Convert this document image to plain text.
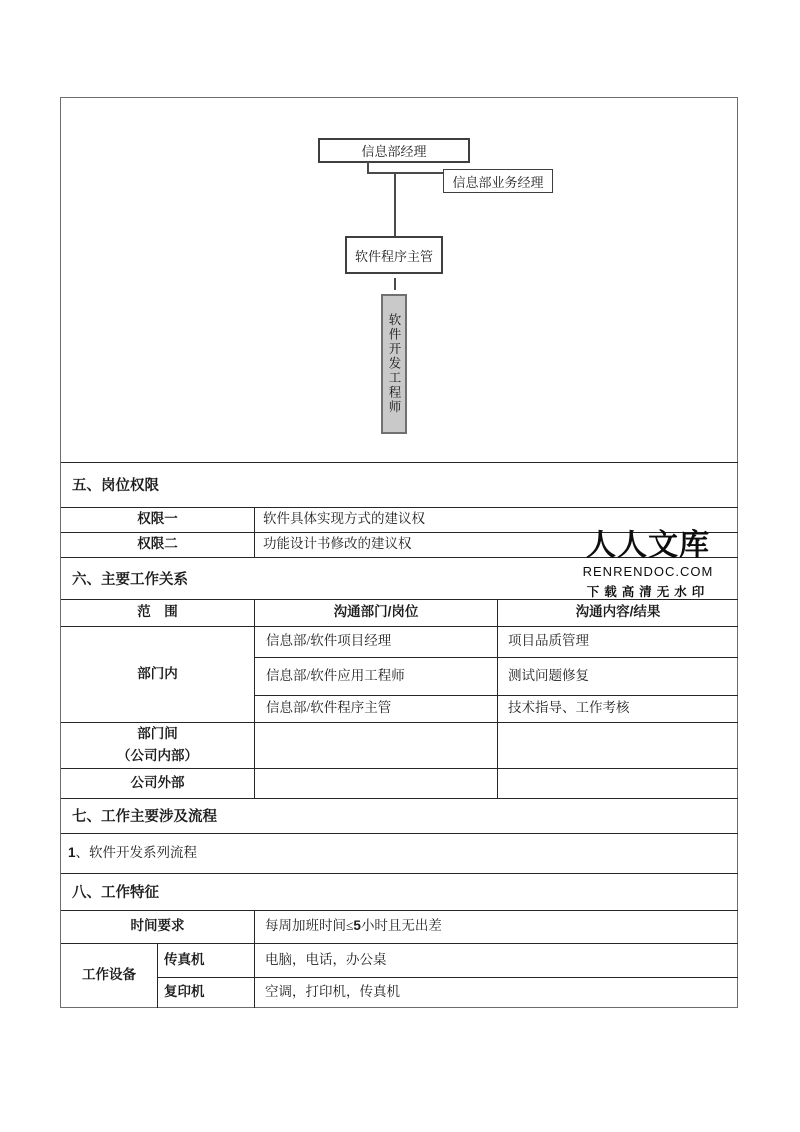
信息部经理
信息部业务经理
软件程序主管
软件开发工程师
五、岗位权限
权限一	软件具体实现方式的建议权
权限二	功能设计书修改的建议权
六、主要工作关系
范　围	沟通部门/岗位	沟通内容/结果
部门内
信息部/软件项目经理	项目品质管理
信息部/软件应用工程师	测试问题修复
信息部/软件程序主管	技术指导、工作考核
部门间
（公司内部）
公司外部
七、工作主要涉及流程
1 、软件开发系列流程
八、工作特征
时间要求	每周加班时间≤ 5 小时且无出差
工作设备
传真机	电脑，电话，办公桌
复印机	空调，打印机，传真机
人人文库
RENRENDOC.COM
下载高清无水印
